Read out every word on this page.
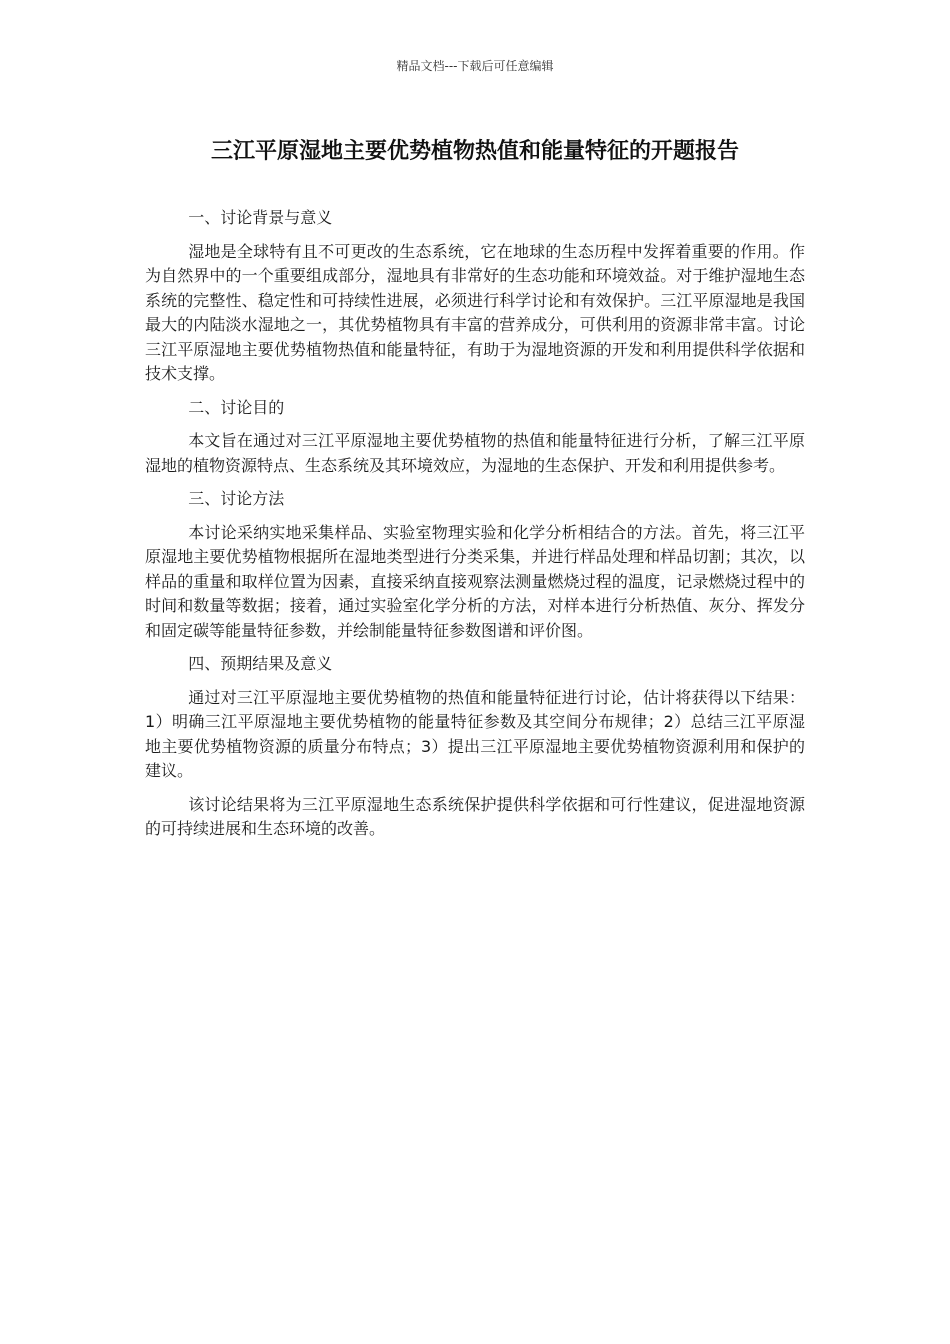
精品文档---下载后可任意编辑
三江平原湿地主要优势植物热值和能量特征的开题报告
一、讨论背景与意义

湿地是全球特有且不可更改的生态系统，它在地球的生态历程中发挥着重要的作用。作为自然界中的一个重要组成部分，湿地具有非常好的生态功能和环境效益。对于维护湿地生态系统的完整性、稳定性和可持续性进展，必须进行科学讨论和有效保护。三江平原湿地是我国最大的内陆淡水湿地之一，其优势植物具有丰富的营养成分，可供利用的资源非常丰富。讨论三江平原湿地主要优势植物热值和能量特征，有助于为湿地资源的开发和利用提供科学依据和技术支撑。

二、讨论目的

本文旨在通过对三江平原湿地主要优势植物的热值和能量特征进行分析，了解三江平原湿地的植物资源特点、生态系统及其环境效应，为湿地的生态保护、开发和利用提供参考。

三、讨论方法

本讨论采纳实地采集样品、实验室物理实验和化学分析相结合的方法。首先，将三江平原湿地主要优势植物根据所在湿地类型进行分类采集，并进行样品处理和样品切割；其次，以样品的重量和取样位置为因素，直接采纳直接观察法测量燃烧过程的温度，记录燃烧过程中的时间和数量等数据；接着，通过实验室化学分析的方法，对样本进行分析热值、灰分、挥发分和固定碳等能量特征参数，并绘制能量特征参数图谱和评价图。

四、预期结果及意义

通过对三江平原湿地主要优势植物的热值和能量特征进行讨论，估计将获得以下结果：1）明确三江平原湿地主要优势植物的能量特征参数及其空间分布规律；2）总结三江平原湿地主要优势植物资源的质量分布特点；3）提出三江平原湿地主要优势植物资源利用和保护的建议。

该讨论结果将为三江平原湿地生态系统保护提供科学依据和可行性建议，促进湿地资源的可持续进展和生态环境的改善。
